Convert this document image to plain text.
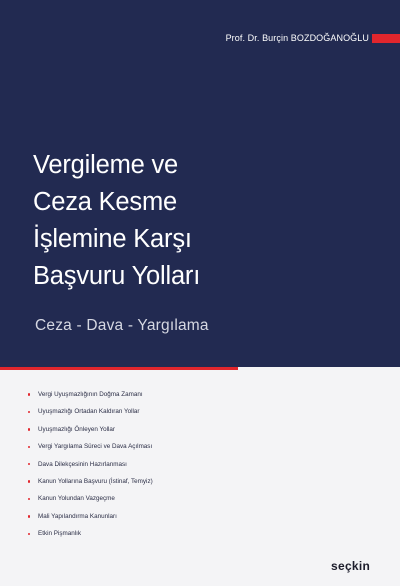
Prof. Dr. Burçin BOZDOĞANOĞLU
Vergileme ve
Ceza Kesme
İşlemine Karşı
Başvuru Yolları
Ceza - Dava - Yargılama
Vergi Uyuşmazlığının Doğma Zamanı
Uyuşmazlığı Ortadan Kaldıran Yollar
Uyuşmazlığı Önleyen Yollar
Vergi Yargılama Süreci ve Dava Açılması
Dava Dilekçesinin Hazırlanması
Kanun Yollarına Başvuru (İstinaf, Temyiz)
Kanun Yolundan Vazgeçme
Mali Yapılandırma Kanunları
Etkin Pişmanlık
seçkin
